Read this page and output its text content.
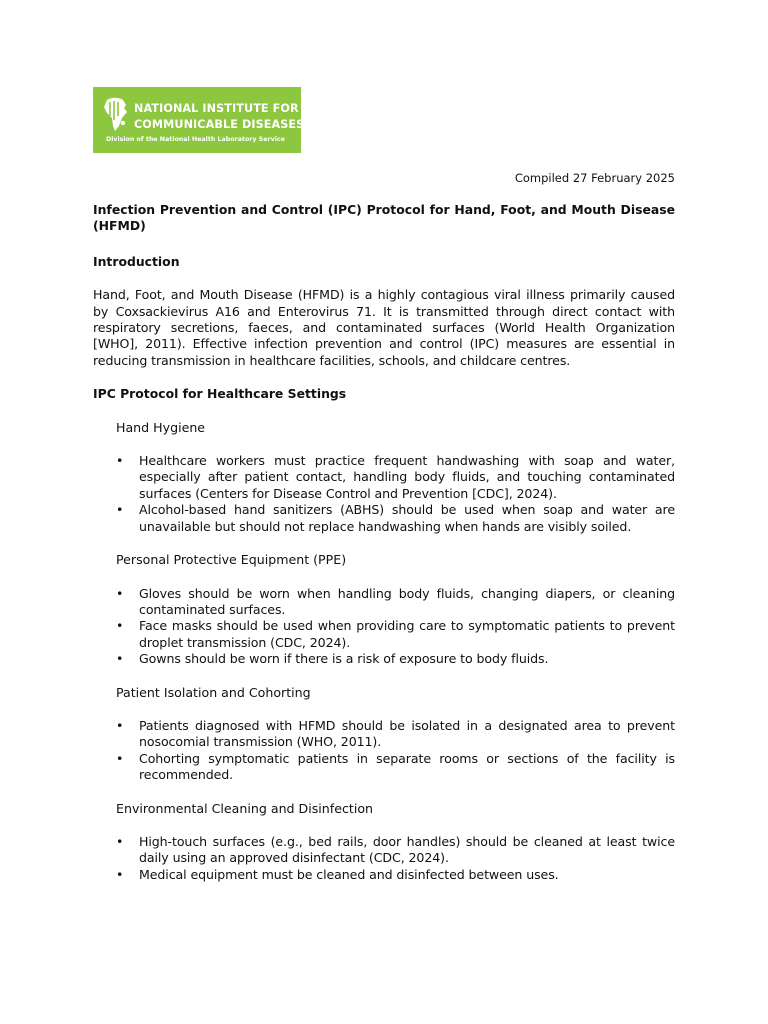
NATIONAL INSTITUTE FOR
COMMUNICABLE DISEASES
Division of the National Health Laboratory Service
Compiled 27 February 2025

Infection Prevention and Control (IPC) Protocol for Hand, Foot, and Mouth Disease (HFMD)

Introduction

Hand, Foot, and Mouth Disease (HFMD) is a highly contagious viral illness primarily caused by Coxsackievirus A16 and Enterovirus 71. It is transmitted through direct contact with respiratory secretions, faeces, and contaminated surfaces (World Health Organization [WHO], 2011). Effective infection prevention and control (IPC) measures are essential in reducing transmission in healthcare facilities, schools, and childcare centres.

IPC Protocol for Healthcare Settings

Hand Hygiene

• Healthcare workers must practice frequent handwashing with soap and water, especially after patient contact, handling body fluids, and touching contaminated surfaces (Centers for Disease Control and Prevention [CDC], 2024).
• Alcohol-based hand sanitizers (ABHS) should be used when soap and water are unavailable but should not replace handwashing when hands are visibly soiled.

Personal Protective Equipment (PPE)

• Gloves should be worn when handling body fluids, changing diapers, or cleaning contaminated surfaces.
• Face masks should be used when providing care to symptomatic patients to prevent droplet transmission (CDC, 2024).
• Gowns should be worn if there is a risk of exposure to body fluids.

Patient Isolation and Cohorting

• Patients diagnosed with HFMD should be isolated in a designated area to prevent nosocomial transmission (WHO, 2011).
• Cohorting symptomatic patients in separate rooms or sections of the facility is recommended.

Environmental Cleaning and Disinfection

• High-touch surfaces (e.g., bed rails, door handles) should be cleaned at least twice daily using an approved disinfectant (CDC, 2024).
• Medical equipment must be cleaned and disinfected between uses.
